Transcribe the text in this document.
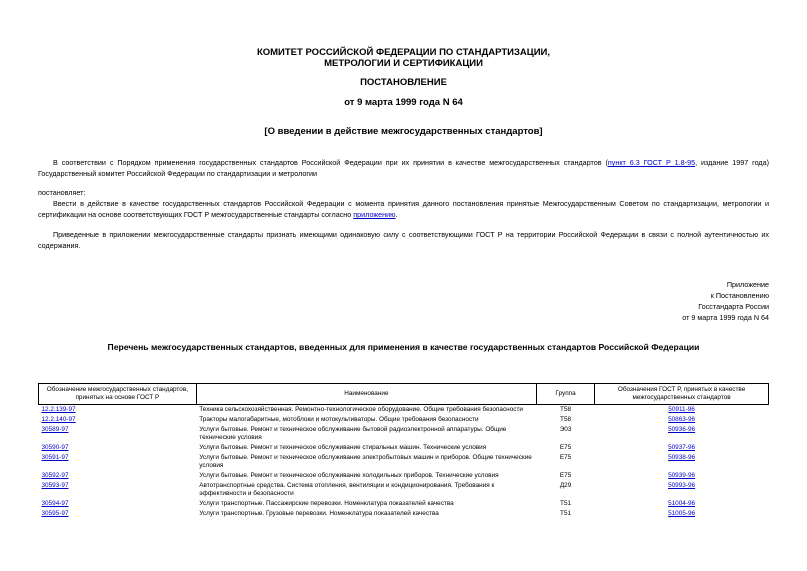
КОМИТЕТ РОССИЙСКОЙ ФЕДЕРАЦИИ ПО СТАНДАРТИЗАЦИИ,
МЕТРОЛОГИИ И СЕРТИФИКАЦИИ
ПОСТАНОВЛЕНИЕ
от 9 марта 1999 года N 64
[О введении в действие межгосударственных стандартов]
В соответствии с Порядком применения государственных стандартов Российской Федерации при их принятии в качестве межгосударственных стандартов (пункт 6.3 ГОСТ Р 1.8-95, издание 1997 года) Государственный комитет Российской Федерации по стандартизации и метрологии
постановляет:
Ввести в действие в качестве государственных стандартов Российской Федерации с момента принятия данного постановления принятые Межгосударственным Советом по стандартизации, метрологии и сертификации на основе соответствующих ГОСТ Р межгосударственные стандарты согласно приложению.
Приведенные в приложении межгосударственные стандарты признать имеющими одинаковую силу с соответствующими ГОСТ Р на территории Российской Федерации в связи с полной аутентичностью их содержания.
Приложение
к Постановлению
Госстандарта России
от 9 марта 1999 года N 64
Перечень межгосударственных стандартов, введенных для применения в качестве государственных стандартов Российской Федерации
Обозначение межгосударственных стандартов, принятых на основе ГОСТ Р	Наименование	Группа	Обозначения ГОСТ Р, принятых в качестве межгосударственных стандартов
12.2.139-97	Техника сельскохозяйственная. Ремонтно-технологическое оборудование. Общие требования безопасности	Т58	50911-96
12.2.140-97	Тракторы малогабаритные, мотоблоки и мотокультиваторы. Общие требования безопасности	Т58	50863-96
30589-97	Услуги бытовые. Ремонт и техническое обслуживание бытовой радиоэлектронной аппаратуры. Общие технические условия	Э03	50936-96
30590-97	Услуги бытовые. Ремонт и техническое обслуживание стиральных машин. Технические условия	Е75	50937-96
30591-97	Услуги бытовые. Ремонт и техническое обслуживание электробытовых машин и приборов. Общие технические условия	Е75	50938-96
30592-97	Услуги бытовые. Ремонт и техническое обслуживание холодильных приборов. Технические условия	Е75	50939-96
30593-97	Автотранспортные средства. Система отопления, вентиляции и кондиционирования. Требования к эффективности и безопасности	Д29	50993-96
30594-97	Услуги транспортные. Пассажирские перевозки. Номенклатура показателей качества	Т51	51004-96
30595-97	Услуги транспортные. Грузовые перевозки. Номенклатура показателей качества	Т51	51005-96
